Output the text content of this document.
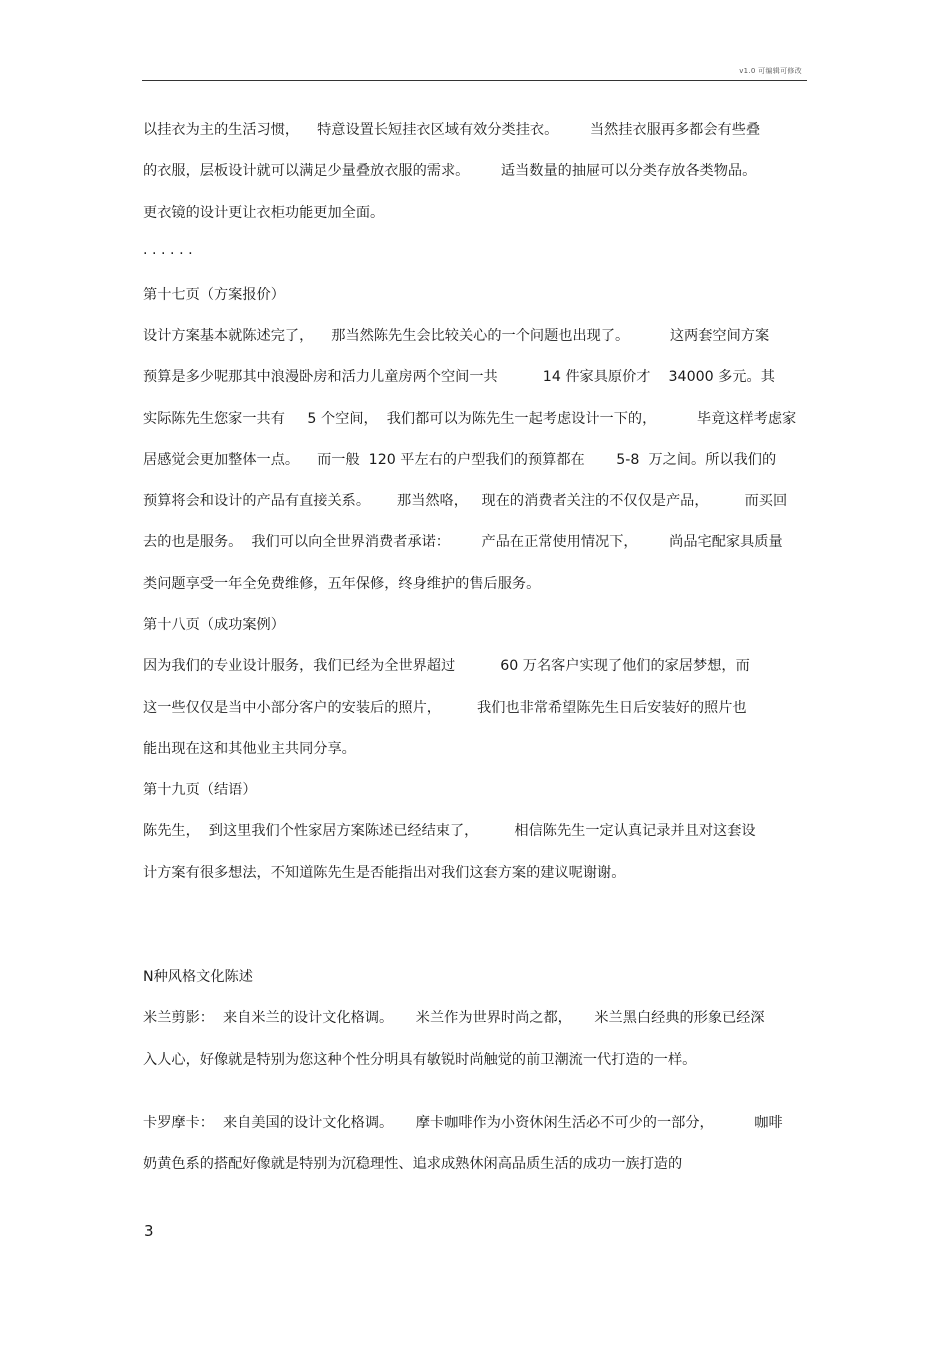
v1.0 可编辑可修改

以挂衣为主的生活习惯，    特意设置长短挂衣区域有效分类挂衣。       当然挂衣服再多都会有些叠

的衣服，层板设计就可以满足少量叠放衣服的需求。       适当数量的抽屉可以分类存放各类物品。

更衣镜的设计更让衣柜功能更加全面。

· · · · · ·

第十七页（方案报价）

设计方案基本就陈述完了，    那当然陈先生会比较关心的一个问题也出现了。         这两套空间方案

预算是多少呢那其中浪漫卧房和活力儿童房两个空间一共          14 件家具原价才    34000 多元。其

实际陈先生您家一共有     5 个空间，  我们都可以为陈先生一起考虑设计一下的，         毕竟这样考虑家

居感觉会更加整体一点。    而一般  120 平左右的户型我们的预算都在       5-8  万之间。所以我们的

预算将会和设计的产品有直接关系。      那当然咯，   现在的消费者关注的不仅仅是产品，        而买回

去的也是服务。  我们可以向全世界消费者承诺：       产品在正常使用情况下，       尚品宅配家具质量

类问题享受一年全免费维修，五年保修，终身维护的售后服务。

第十八页（成功案例）

因为我们的专业设计服务，我们已经为全世界超过          60 万名客户实现了他们的家居梦想，而

这一些仅仅是当中小部分客户的安装后的照片，        我们也非常希望陈先生日后安装好的照片也

能出现在这和其他业主共同分享。

第十九页（结语）

陈先生，  到这里我们个性家居方案陈述已经结束了，        相信陈先生一定认真记录并且对这套设

计方案有很多想法，不知道陈先生是否能指出对我们这套方案的建议呢谢谢。

N种风格文化陈述

米兰剪影：  来自米兰的设计文化格调。     米兰作为世界时尚之都，     米兰黑白经典的形象已经深

入人心，好像就是特别为您这种个性分明具有敏锐时尚触觉的前卫潮流一代打造的一样。

卡罗摩卡：  来自美国的设计文化格调。     摩卡咖啡作为小资休闲生活必不可少的一部分，         咖啡

奶黄色系的搭配好像就是特别为沉稳理性、追求成熟休闲高品质生活的成功一族打造的

3
